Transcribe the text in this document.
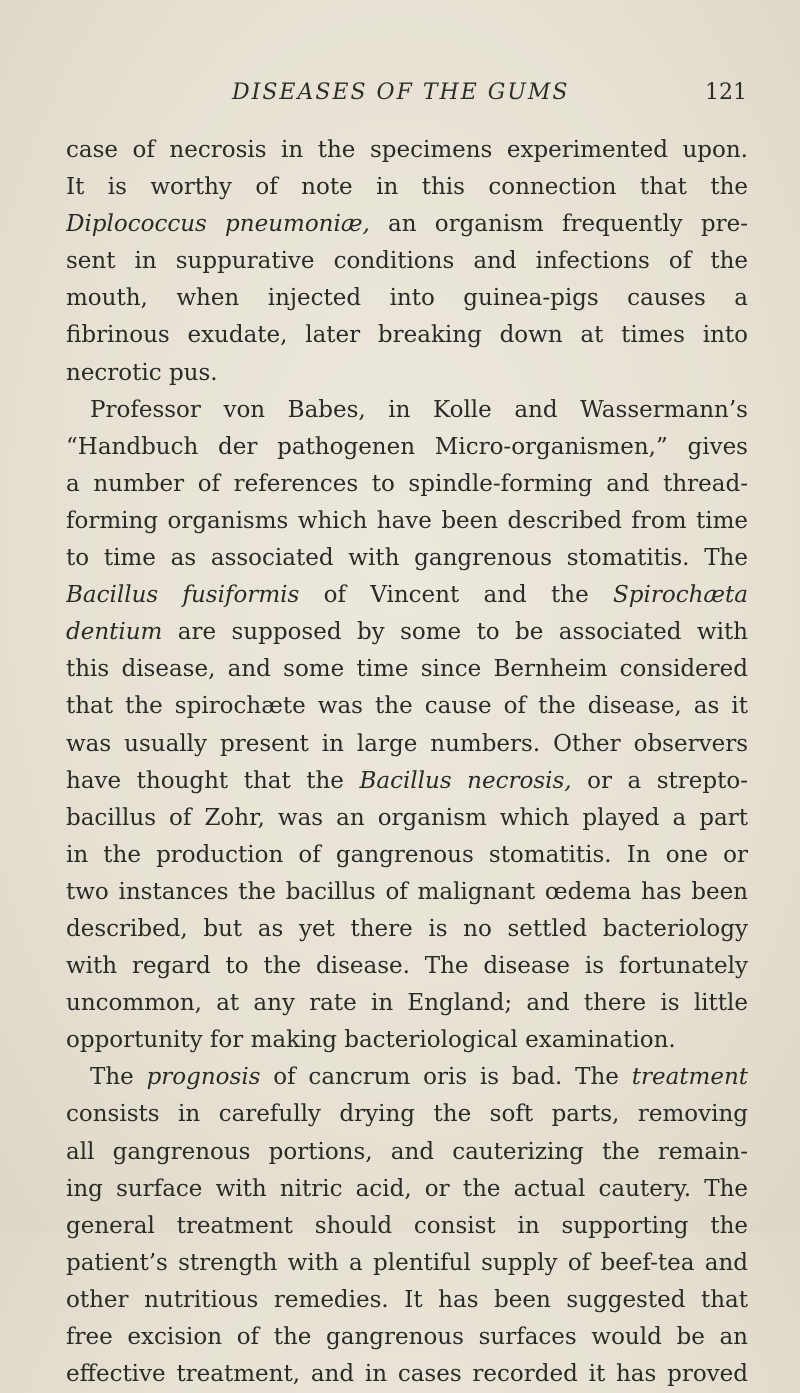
DISEASES OF THE GUMS	121
case of necrosis in the specimens experimented upon.
It is worthy of note in this connection that the
Diplococcus pneumoniæ, an organism frequently pre-
sent in suppurative conditions and infections of the
mouth, when injected into guinea-pigs causes a
fibrinous exudate, later breaking down at times into
necrotic pus.
Professor von Babes, in Kolle and Wassermann’s
“Handbuch der pathogenen Micro-organismen,” gives
a number of references to spindle-forming and thread-
forming organisms which have been described from time
to time as associated with gangrenous stomatitis. The
Bacillus fusiformis of Vincent and the Spirochæta
dentium are supposed by some to be associated with
this disease, and some time since Bernheim considered
that the spirochæte was the cause of the disease, as it
was usually present in large numbers. Other observers
have thought that the Bacillus necrosis, or a strepto-
bacillus of Zohr, was an organism which played a part
in the production of gangrenous stomatitis. In one or
two instances the bacillus of malignant œdema has been
described, but as yet there is no settled bacteriology
with regard to the disease. The disease is fortunately
uncommon, at any rate in England; and there is little
opportunity for making bacteriological examination.
The prognosis of cancrum oris is bad. The treatment
consists in carefully drying the soft parts, removing
all gangrenous portions, and cauterizing the remain-
ing surface with nitric acid, or the actual cautery. The
general treatment should consist in supporting the
patient’s strength with a plentiful supply of beef-tea and
other nutritious remedies. It has been suggested that
free excision of the gangrenous surfaces would be an
effective treatment, and in cases recorded it has proved
